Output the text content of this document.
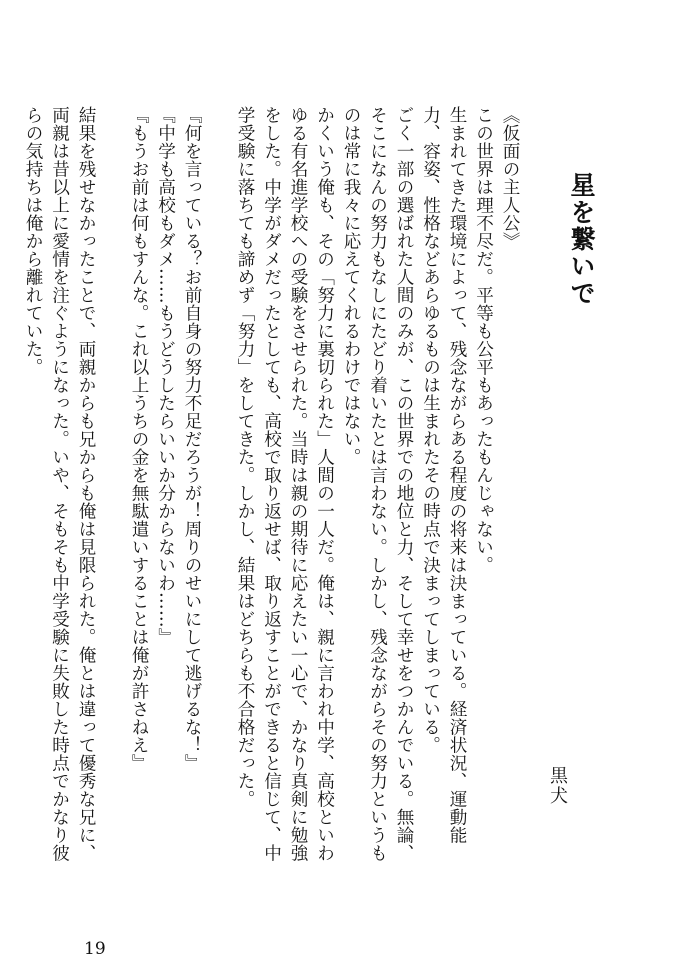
星を繋いで
黒犬

《仮面の主人公》

この世界は理不尽だ。平等も公平もあったもんじゃない。

生まれてきた環境によって、残念ながらある程度の将来は決まっている。経済状況、運動能力、容姿、性格などあらゆるものは生まれたその時点で決まってしまっている。

ごく一部の選ばれた人間のみが、この世界での地位と力、そして幸せをつかんでいる。無論、そこになんの努力もなしにたどり着いたとは言わない。しかし、残念ながらその努力というものは常に我々に応えてくれるわけではない。

かくいう俺も、その「努力に裏切られた」人間の一人だ。俺は、親に言われ中学、高校といわゆる有名進学校への受験をさせられた。当時は親の期待に応えたい一心で、かなり真剣に勉強をした。中学がダメだったとしても、高校で取り返せば、取り返すことができると信じて、中学受験に落ちても諦めず「努力」をしてきた。しかし、結果はどちらも不合格だった。

『何を言っている？お前自身の努力不足だろうが！周りのせいにして逃げるな！』

『中学も高校もダメ……もうどうしたらいいか分からないわ……』

『もうお前は何もすんな。これ以上うちの金を無駄遣いすることは俺が許さねえ』

結果を残せなかったことで、両親からも兄からも俺は見限られた。俺とは違って優秀な兄に、両親は昔以上に愛情を注ぐようになった。いや、そもそも中学受験に失敗した時点でかなり彼らの気持ちは俺から離れていた。

19
